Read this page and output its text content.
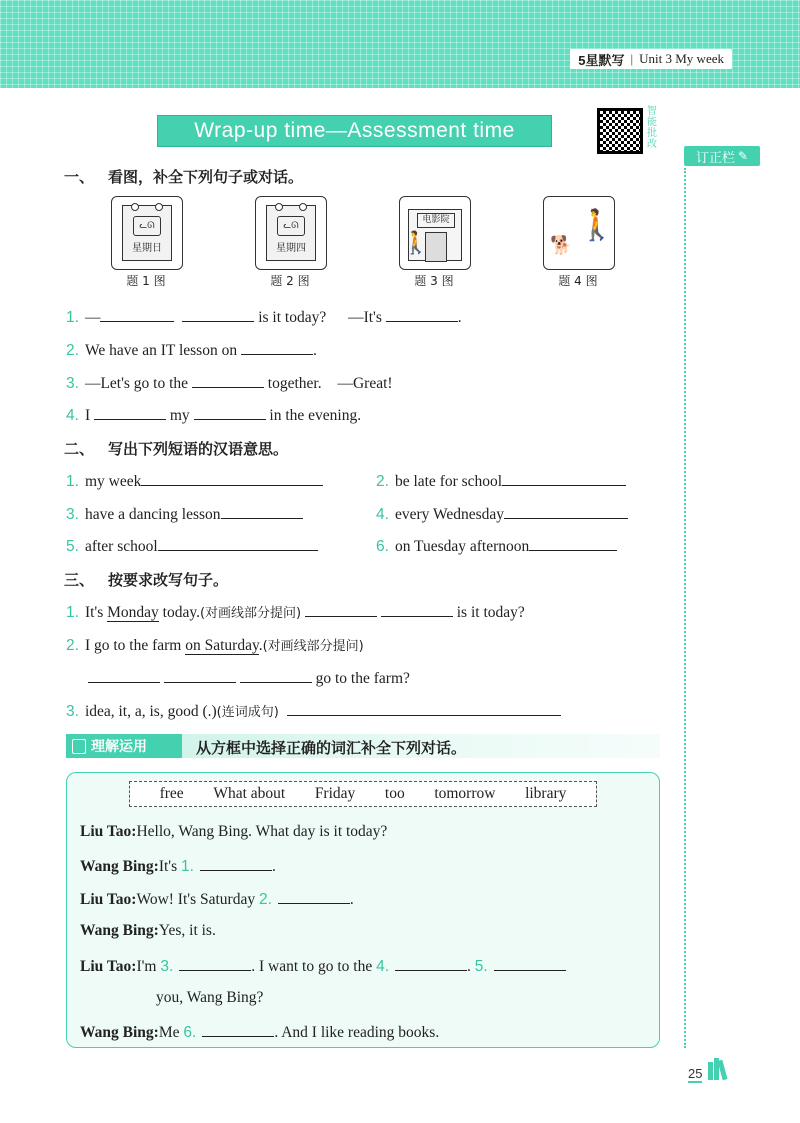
5星默写 | Unit 3 My week
Wrap-up time—Assessment time
智能批改
订正栏 ✎
一、 看图，补全下列句子或对话。
ᓚᘏ
星期日
题 1 图
ᓚᘏ
星期四
题 2 图
电影院
🚶
题 3 图
🚶
🐕
题 4 图
1. —	is it today? —It's	.
2. We have an IT lesson on	.
3. —Let's go to the	together. —Great!
4. I	my	in the evening.
二、 写出下列短语的汉语意思。
1. my week	2. be late for school
3. have a dancing lesson	4. every Wednesday
5. after school	6. on Tuesday afternoon
三、 按要求改写句子。
1. It's Monday today.(对画线部分提问)	is it today?
2. I go to the farm on Saturday.(对画线部分提问)
go to the farm?
3. idea, it, a, is, good (.)(连词成句)
理解运用	从方框中选择正确的词汇补全下列对话。
free What about Friday too tomorrow library
Liu Tao:Hello, Wang Bing. What day is it today?
Wang Bing:It's 1.	.
Liu Tao:Wow! It's Saturday 2.	.
Wang Bing:Yes, it is.
Liu Tao:I'm 3.	. I want to go to the 4.	. 5.
you, Wang Bing?
Wang Bing:Me 6.	. And I like reading books.
25
